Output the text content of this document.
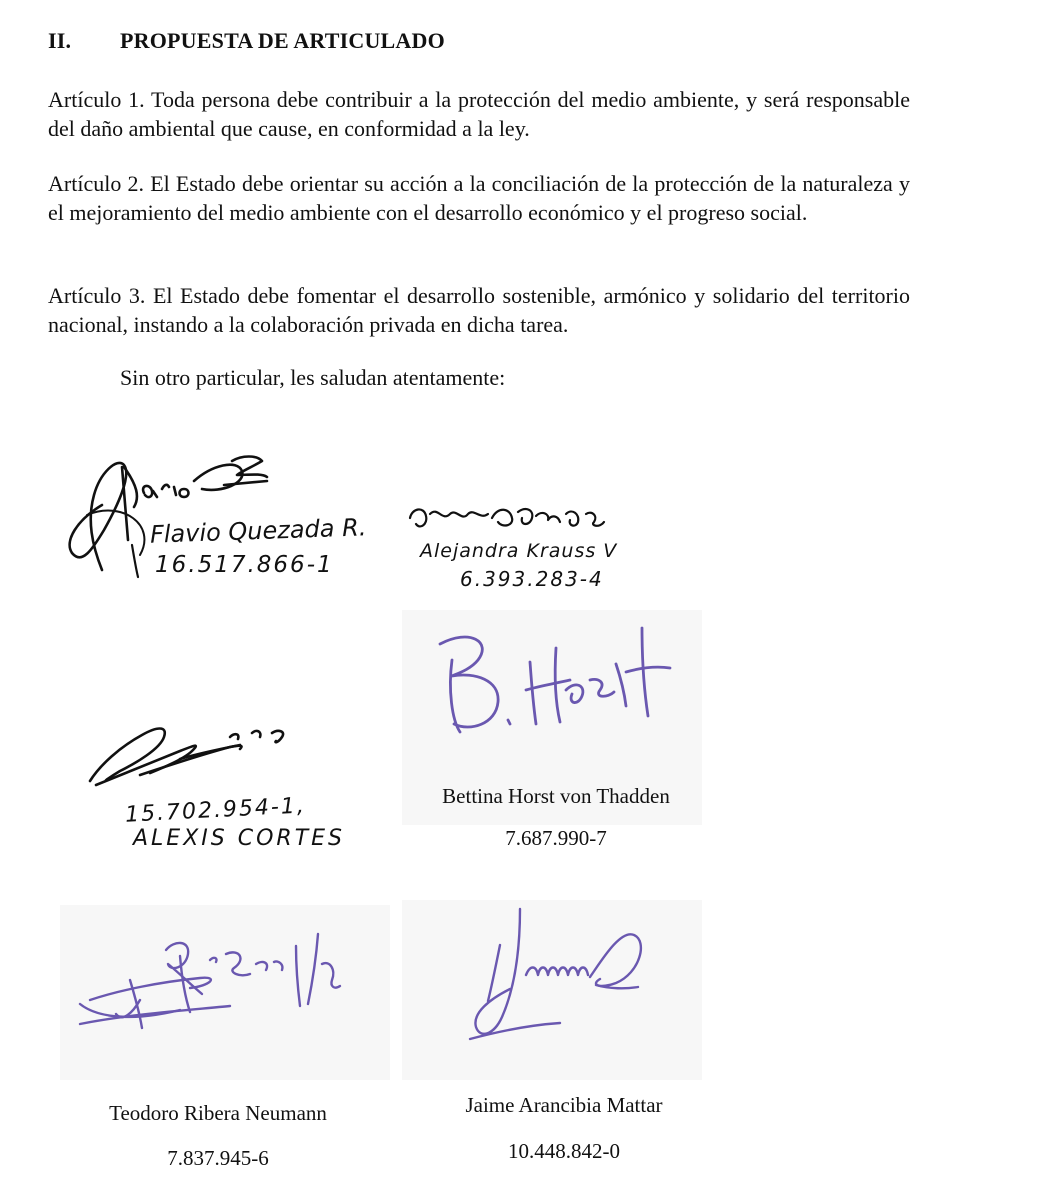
II. PROPUESTA DE ARTICULADO
Artículo 1. Toda persona debe contribuir a la protección del medio ambiente, y será responsable del daño ambiental que cause, en conformidad a la ley.
Artículo 2. El Estado debe orientar su acción a la conciliación de la protección de la naturaleza y el mejoramiento del medio ambiente con el desarrollo económico y el progreso social.
Artículo 3. El Estado debe fomentar el desarrollo sostenible, armónico y solidario del territorio nacional, instando a la colaboración privada en dicha tarea.
Sin otro particular, les saludan atentamente:
Flavio Quezada R.
16.517.866-1
Alejandra Krauss V
6.393.283-4
Bettina Horst von Thadden
7.687.990-7
15.702.954-1,
ALEXIS CORTES
Teodoro Ribera Neumann
7.837.945-6
Jaime Arancibia Mattar
10.448.842-0
